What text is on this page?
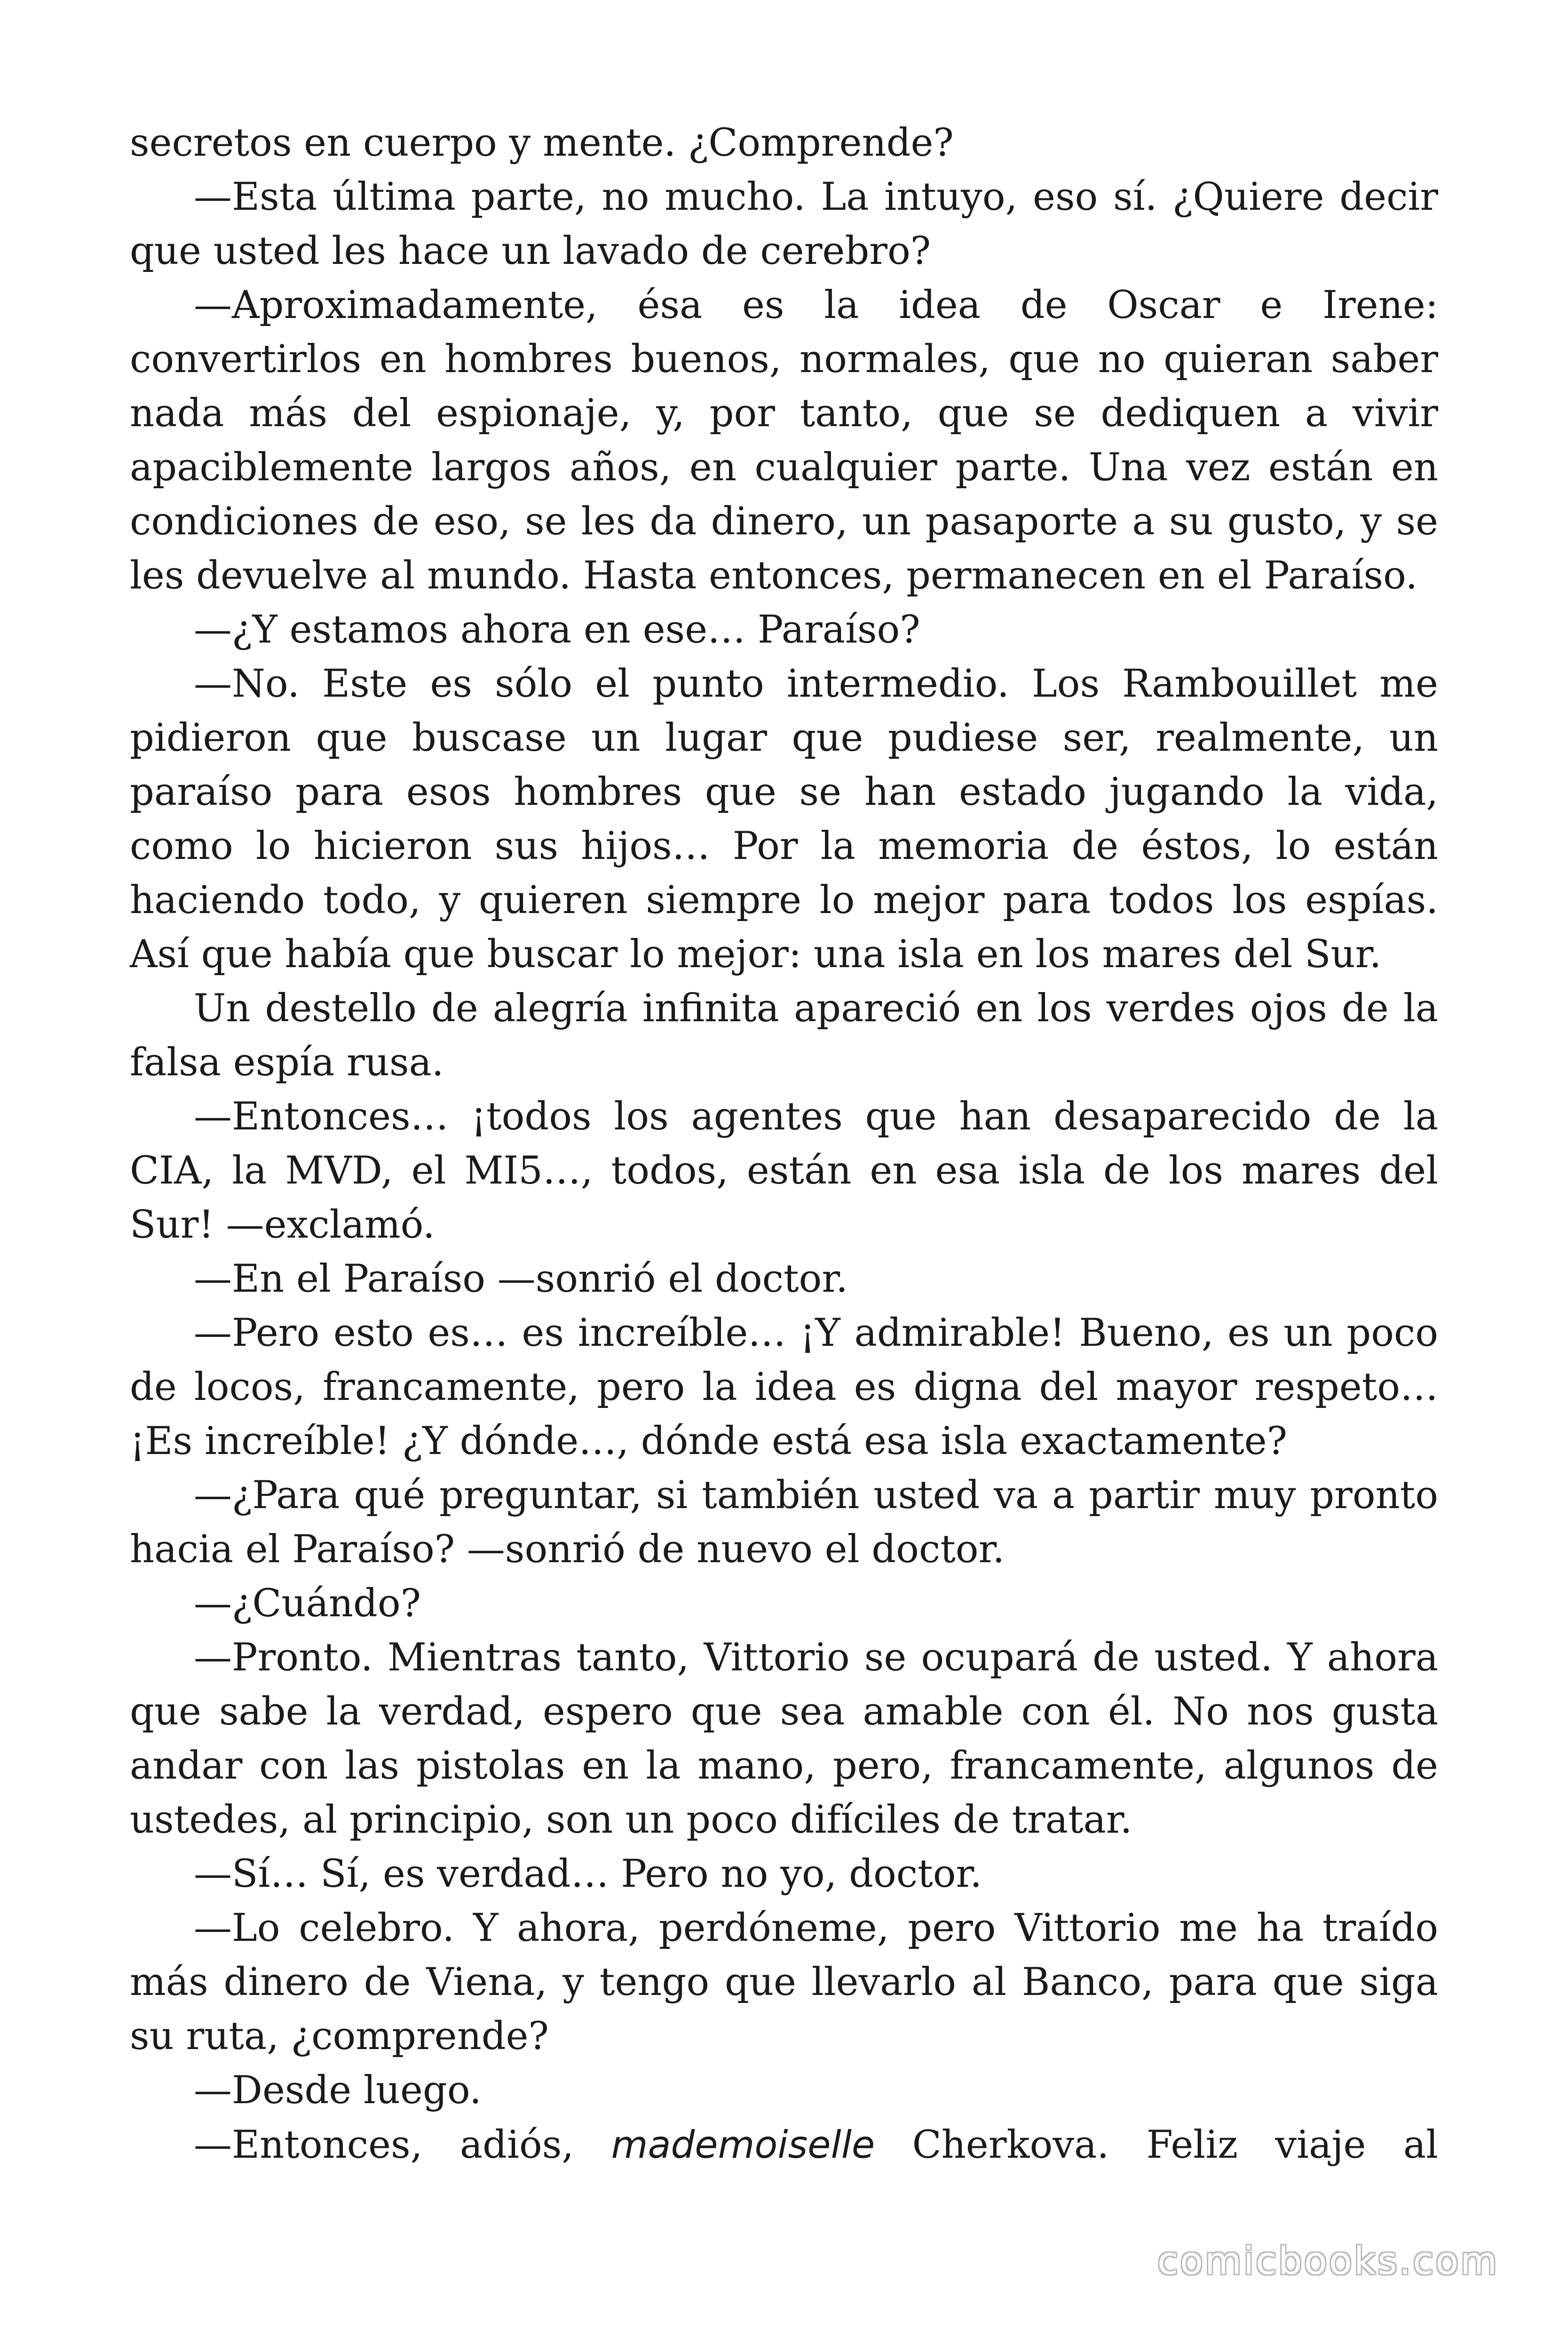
secretos en cuerpo y mente. ¿Comprende?

—Esta última parte, no mucho. La intuyo, eso sí. ¿Quiere decir que usted les hace un lavado de cerebro?

—Aproximadamente, ésa es la idea de Oscar e Irene: convertirlos en hombres buenos, normales, que no quieran saber nada más del espionaje, y, por tanto, que se dediquen a vivir apaciblemente largos años, en cualquier parte. Una vez están en condiciones de eso, se les da dinero, un pasaporte a su gusto, y se les devuelve al mundo. Hasta entonces, permanecen en el Paraíso.

—¿Y estamos ahora en ese… Paraíso?

—No. Este es sólo el punto intermedio. Los Rambouillet me pidieron que buscase un lugar que pudiese ser, realmente, un paraíso para esos hombres que se han estado jugando la vida, como lo hicieron sus hijos… Por la memoria de éstos, lo están haciendo todo, y quieren siempre lo mejor para todos los espías. Así que había que buscar lo mejor: una isla en los mares del Sur.

Un destello de alegría infinita apareció en los verdes ojos de la falsa espía rusa.

—Entonces… ¡todos los agentes que han desaparecido de la CIA, la MVD, el MI5…, todos, están en esa isla de los mares del Sur! —exclamó.

—En el Paraíso —sonrió el doctor.

—Pero esto es… es increíble… ¡Y admirable! Bueno, es un poco de locos, francamente, pero la idea es digna del mayor respeto… ¡Es increíble! ¿Y dónde…, dónde está esa isla exactamente?

—¿Para qué preguntar, si también usted va a partir muy pronto hacia el Paraíso? —sonrió de nuevo el doctor.

—¿Cuándo?

—Pronto. Mientras tanto, Vittorio se ocupará de usted. Y ahora que sabe la verdad, espero que sea amable con él. No nos gusta andar con las pistolas en la mano, pero, francamente, algunos de ustedes, al principio, son un poco difíciles de tratar.

—Sí… Sí, es verdad… Pero no yo, doctor.

—Lo celebro. Y ahora, perdóneme, pero Vittorio me ha traído más dinero de Viena, y tengo que llevarlo al Banco, para que siga su ruta, ¿comprende?

—Desde luego.

—Entonces, adiós, mademoiselle Cherkova. Feliz viaje al

comicbooks.com
